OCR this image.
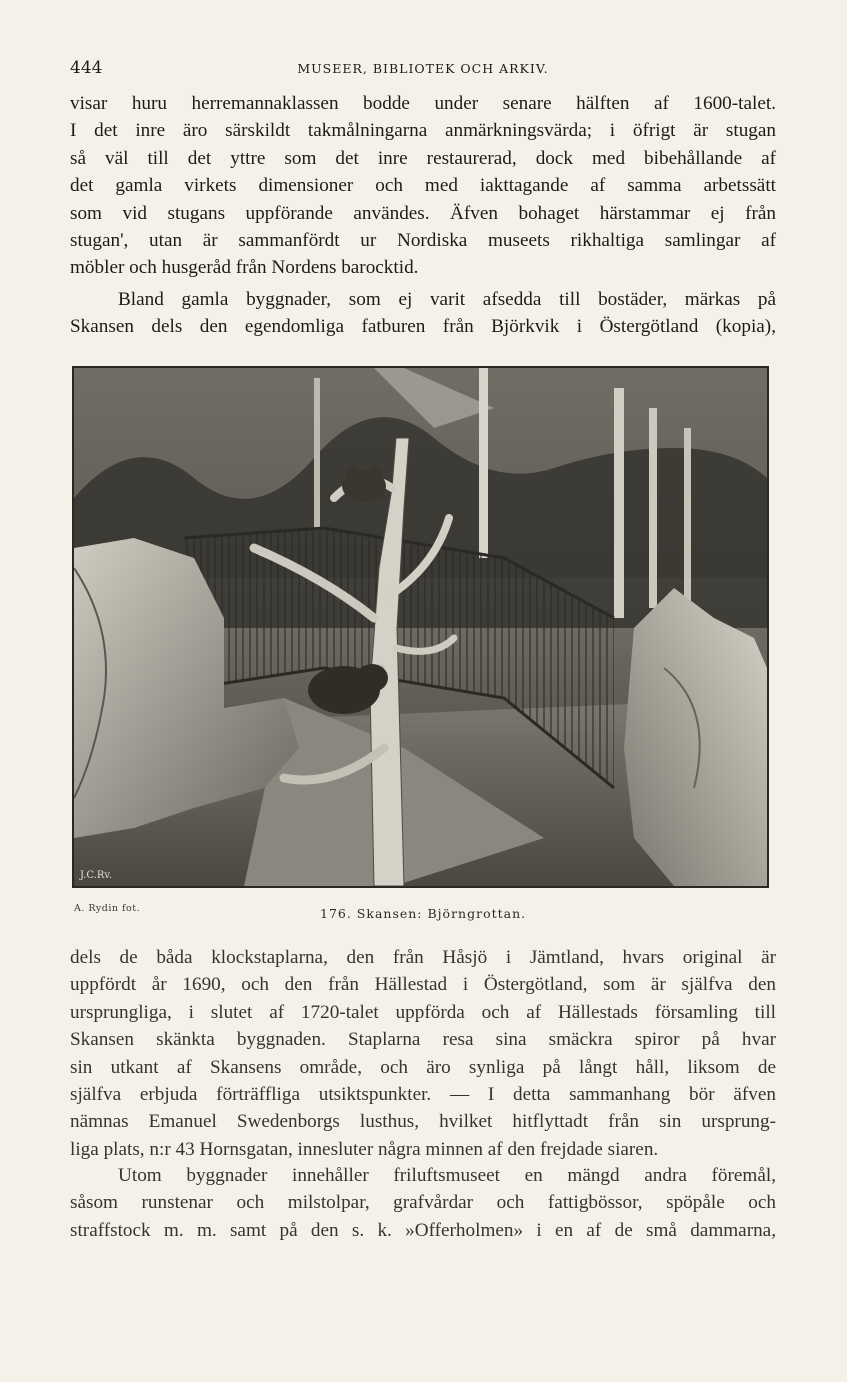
444	MUSEER, BIBLIOTEK OCH ARKIV.
visar huru herremannaklassen bodde under senare hälften af 1600-talet.
I det inre äro särskildt takmålningarna anmärkningsvärda; i öfrigt är stugan
så väl till det yttre som det inre restaurerad, dock med bibehållande af
det gamla virkets dimensioner och med iakttagande af samma arbetssätt
som vid stugans uppförande användes. Äfven bohaget härstammar ej från
stugan', utan är sammanfördt ur Nordiska museets rikhaltiga samlingar af
möbler och husgeråd från Nordens barocktid.
Bland gamla byggnader, som ej varit afsedda till bostäder, märkas på
Skansen dels den egendomliga fatburen från Björkvik i Östergötland (kopia),
J.C.Rv.
A. Rydin fot.	176. Skansen: Björngrottan.
dels de båda klockstaplarna, den från Håsjö i Jämtland, hvars original är
uppfördt år 1690, och den från Hällestad i Östergötland, som är själfva den
ursprungliga, i slutet af 1720-talet uppförda och af Hällestads församling till
Skansen skänkta byggnaden. Staplarna resa sina smäckra spiror på hvar
sin utkant af Skansens område, och äro synliga på långt håll, liksom de
själfva erbjuda förträffliga utsiktspunkter. — I detta sammanhang bör äfven
nämnas Emanuel Swedenborgs lusthus, hvilket hitflyttadt från sin ursprung-
liga plats, n:r 43 Hornsgatan, innesluter några minnen af den frejdade siaren.
Utom byggnader innehåller friluftsmuseet en mängd andra föremål,
såsom runstenar och milstolpar, grafvårdar och fattigbössor, spöpåle och
straffstock m. m. samt på den s. k. »Offerholmen» i en af de små dammarna,
